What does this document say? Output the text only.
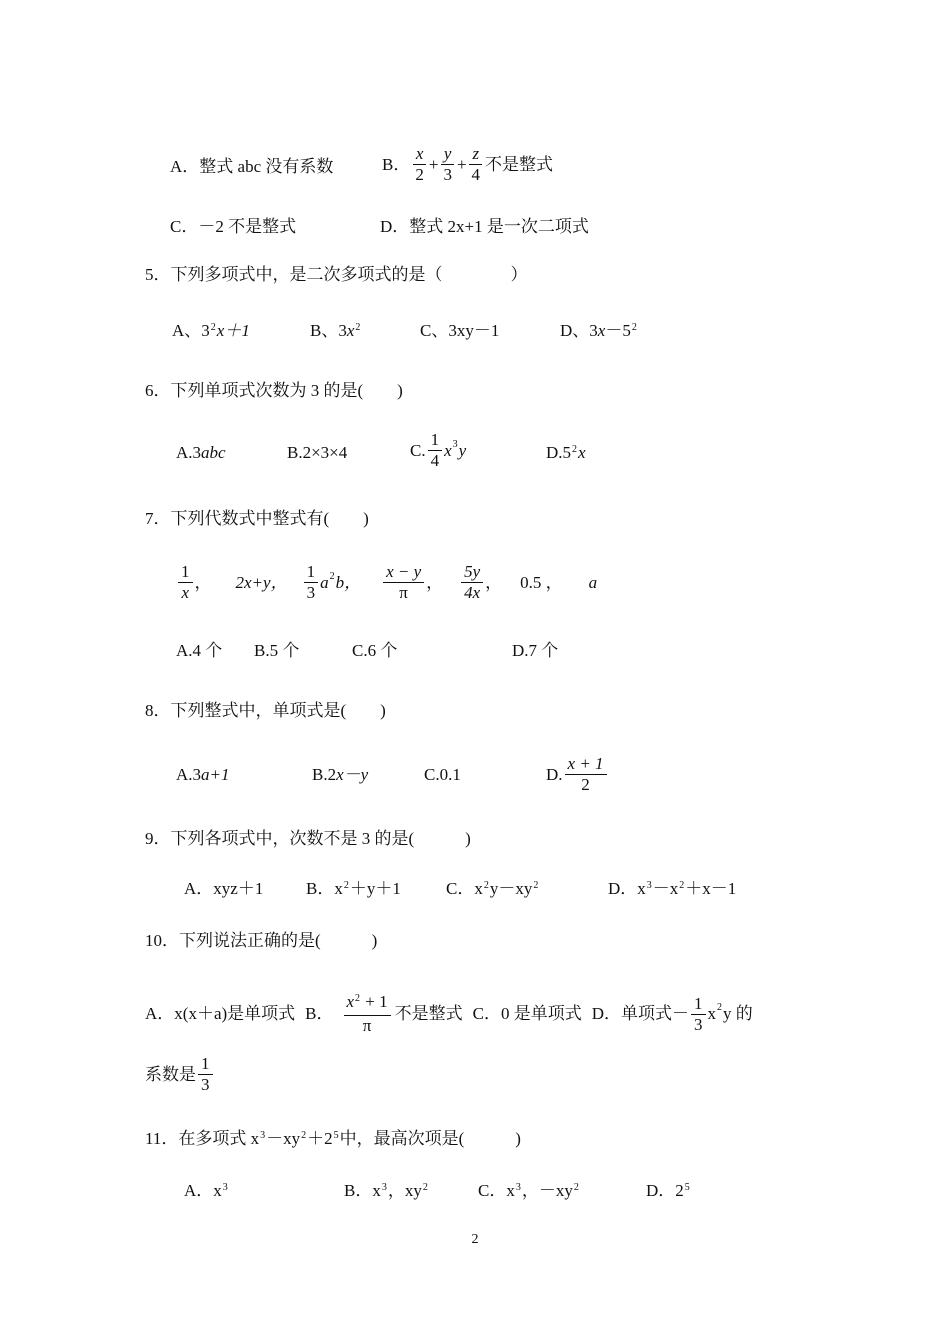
A．整式 abc 没有系数	B． $\frac{x}{2} + \frac{y}{3} + \frac{z}{4}$ 不是整式
C．－2 不是整式	D．整式 2x+1 是一次二项式
5．下列多项式中，是二次多项式的是（　　　　）
A、$3^2x+1$	B、$3x^2$	C、3xy－1	D、$3x-5^2$
6．下列单项式次数为 3 的是(　　)
A.3abc	B.2×3×4	C. $\frac{1}{4}$ x 3 y	$D.5^2x$
7．下列代数式中整式有(　　)
$\frac{1}{x}$ ， 2x+y， $\frac{1}{3}$ a 2 b， $\frac{x - y}{\pi}$ ， $\frac{5y}{4x}$ ， 0.5 ， a
A.4 个 B.5 个	C.6 个	D.7 个
8．下列整式中，单项式是(　　)
A.3a+1	B.2x－y	C.0.1	D. $\frac{x + 1}{2}$
9．下列各项式中，次数不是 3 的是(　　　)
A．xyz＋1	B．$x^2+y+1$	C．$x^2y-xy^2$	D．$x^3-x^2+x-1$
10．下列说法正确的是(　　　)
A．x(x＋a)是单项式 B． $\frac{x^2 + 1}{\pi}$ 不是整式 C．0 是单项式 D．单项式－ $\frac{1}{3}$ x 2 y 的
系数是 $\frac{1}{3}$
11．在多项式 $x^3-xy^2+2^5$中，最高次项是(　　　)
A．$x^3$	B．$x^3$，$xy^2$	C．$x^3$，$-xy^2$	D．$2^5$
2
